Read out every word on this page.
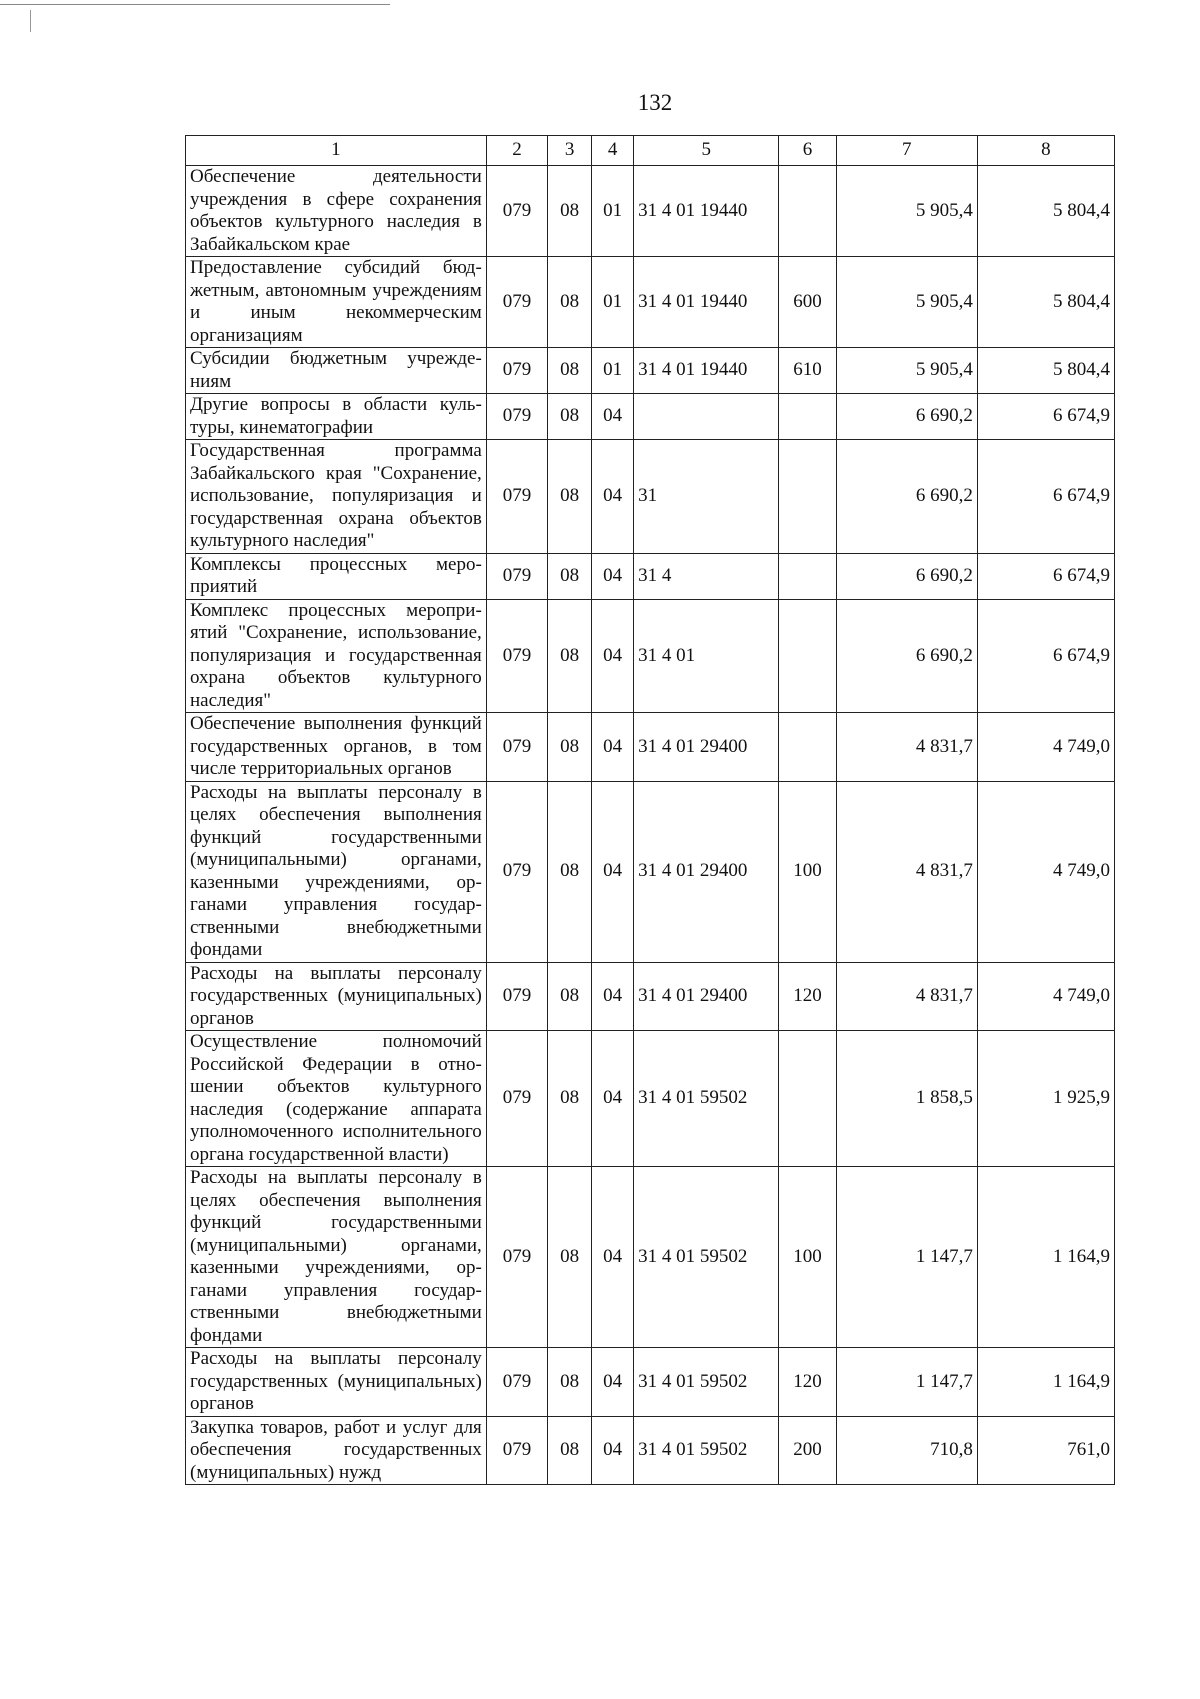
132
1	2	3	4	5	6	7	8
Обеспечение деятельности учреждения в сфере сохранения объектов культурного наследия в Забайкальском крае	079	08	01	31 4 01 19440		5 905,4	5 804,4
Предоставление субсидий бюджетным, автономным учреждениям и иным некоммерческим организациям	079	08	01	31 4 01 19440	600	5 905,4	5 804,4
Субсидии бюджетным учреждениям	079	08	01	31 4 01 19440	610	5 905,4	5 804,4
Другие вопросы в области культуры, кинематографии	079	08	04			6 690,2	6 674,9
Государственная программа Забайкальского края "Сохранение, использование, популяризация и государственная охрана объектов культурного наследия"	079	08	04	31		6 690,2	6 674,9
Комплексы процессных мероприятий	079	08	04	31 4		6 690,2	6 674,9
Комплекс процессных мероприятий "Сохранение, использование, популяризация и государственная охрана объектов культурного наследия"	079	08	04	31 4 01		6 690,2	6 674,9
Обеспечение выполнения функций государственных органов, в том числе территориальных органов	079	08	04	31 4 01 29400		4 831,7	4 749,0
Расходы на выплаты персоналу в целях обеспечения выполнения функций государственными (муниципальными) органами, казенными учреждениями, органами управления государственными внебюджетными фондами	079	08	04	31 4 01 29400	100	4 831,7	4 749,0
Расходы на выплаты персоналу государственных (муниципальных) органов	079	08	04	31 4 01 29400	120	4 831,7	4 749,0
Осуществление полномочий Российской Федерации в отношении объектов культурного наследия (содержание аппарата уполномоченного исполнительного органа государственной власти)	079	08	04	31 4 01 59502		1 858,5	1 925,9
Расходы на выплаты персоналу в целях обеспечения выполнения функций государственными (муниципальными) органами, казенными учреждениями, органами управления государственными внебюджетными фондами	079	08	04	31 4 01 59502	100	1 147,7	1 164,9
Расходы на выплаты персоналу государственных (муниципальных) органов	079	08	04	31 4 01 59502	120	1 147,7	1 164,9
Закупка товаров, работ и услуг для обеспечения государственных (муниципальных) нужд	079	08	04	31 4 01 59502	200	710,8	761,0
